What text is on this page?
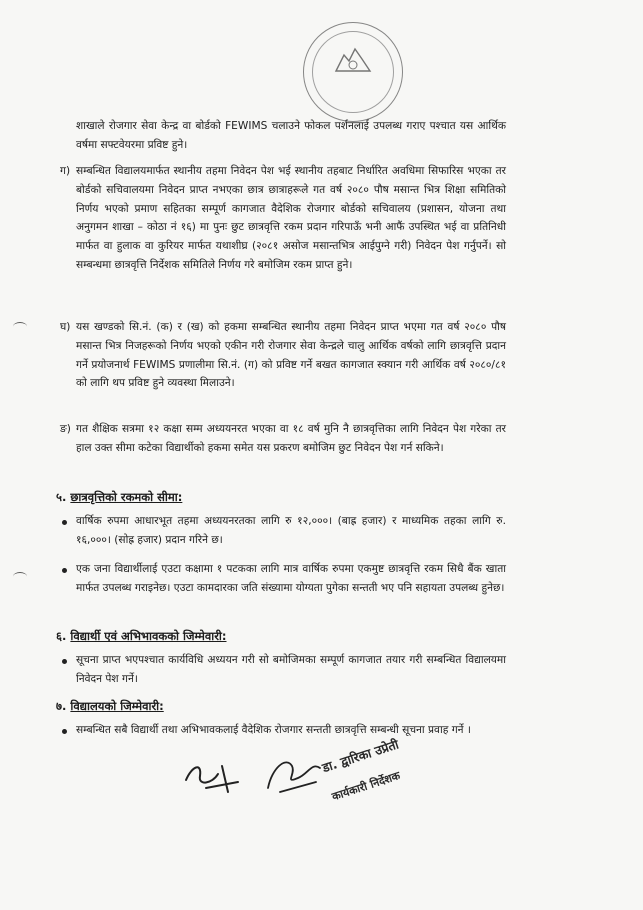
शाखाले रोजगार सेवा केन्द्र वा बोर्डको FEWIMS चलाउने फोकल पर्शनलाई उपलब्ध गराए पश्चात यस आर्थिक वर्षमा सफ्टवेयरमा प्रविष्ट हुने।
ग) सम्बन्धित विद्यालयमार्फत स्थानीय तहमा निवेदन पेश भई स्थानीय तहबाट निर्धारित अवधिमा सिफारिस भएका तर बोर्डको सचिवालयमा निवेदन प्राप्त नभएका छात्र छात्राहरूले गत वर्ष २०८० पौष मसान्त भित्र शिक्षा समितिको निर्णय भएको प्रमाण सहितका सम्पूर्ण कागजात वैदेशिक रोजगार बोर्डको सचिवालय (प्रशासन, योजना तथा अनुगमन शाखा – कोठा नं १६) मा पुनः छुट छात्रवृत्ति रकम प्रदान गरिपाऊँ भनी आफैं उपस्थित भई वा प्रतिनिधी मार्फत वा हुलाक वा कुरियर मार्फत यथाशीघ्र (२०८१ असोज मसान्तभित्र आईपुग्ने गरी) निवेदन पेश गर्नुपर्ने। सो सम्बन्धमा छात्रवृत्ति निर्देशक समितिले निर्णय गरे बमोजिम रकम प्राप्त हुने।
घ) यस खण्डको सि.नं. (क) र (ख) को हकमा सम्बन्धित स्थानीय तहमा निवेदन प्राप्त भएमा गत वर्ष २०८० पौष मसान्त भित्र निजहरूको निर्णय भएको एकीन गरी रोजगार सेवा केन्द्रले चालु आर्थिक वर्षको लागि छात्रवृत्ति प्रदान गर्ने प्रयोजनार्थ FEWIMS प्रणालीमा सि.नं. (ग) को प्रविष्ट गर्ने बखत कागजात स्क्यान गरी आर्थिक वर्ष २०८०/८१ को लागि थप प्रविष्ट हुने व्यवस्था मिलाउने।
ङ) गत शैक्षिक सत्रमा १२ कक्षा सम्म अध्ययनरत भएका वा १८ वर्ष मुनि नै छात्रवृत्तिका लागि निवेदन पेश गरेका तर हाल उक्त सीमा कटेका विद्यार्थीको हकमा समेत यस प्रकरण बमोजिम छुट निवेदन पेश गर्न सकिने।
५. छात्रवृत्तिको रकमको सीमा:
वार्षिक रुपमा आधारभूत तहमा अध्ययनरतका लागि रु १२,०००। (बाह्र हजार) र माध्यमिक तहका लागि रु. १६,०००। (सोह्र हजार) प्रदान गरिने छ।
एक जना विद्यार्थीलाई एउटा कक्षामा १ पटकका लागि मात्र वार्षिक रुपमा एकमुष्ट छात्रवृत्ति रकम सिधै बैंक खाता मार्फत उपलब्ध गराइनेछ। एउटा कामदारका जति संख्यामा योग्यता पुगेका सन्तती भए पनि सहायता उपलब्ध हुनेछ।
६. विद्यार्थी एवं अभिभावकको जिम्मेवारी:
सूचना प्राप्त भएपश्चात कार्यविधि अध्ययन गरी सो बमोजिमका सम्पूर्ण कागजात तयार गरी सम्बन्धित विद्यालयमा निवेदन पेश गर्ने।
७. विद्यालयको जिम्मेवारी:
सम्बन्धित सबै विद्यार्थी तथा अभिभावकलाई वैदेशिक रोजगार सन्तती छात्रवृत्ति सम्बन्धी सूचना प्रवाह गर्ने ।
डा. द्वारिका उप्रेती
कार्यकारी निर्देशक
